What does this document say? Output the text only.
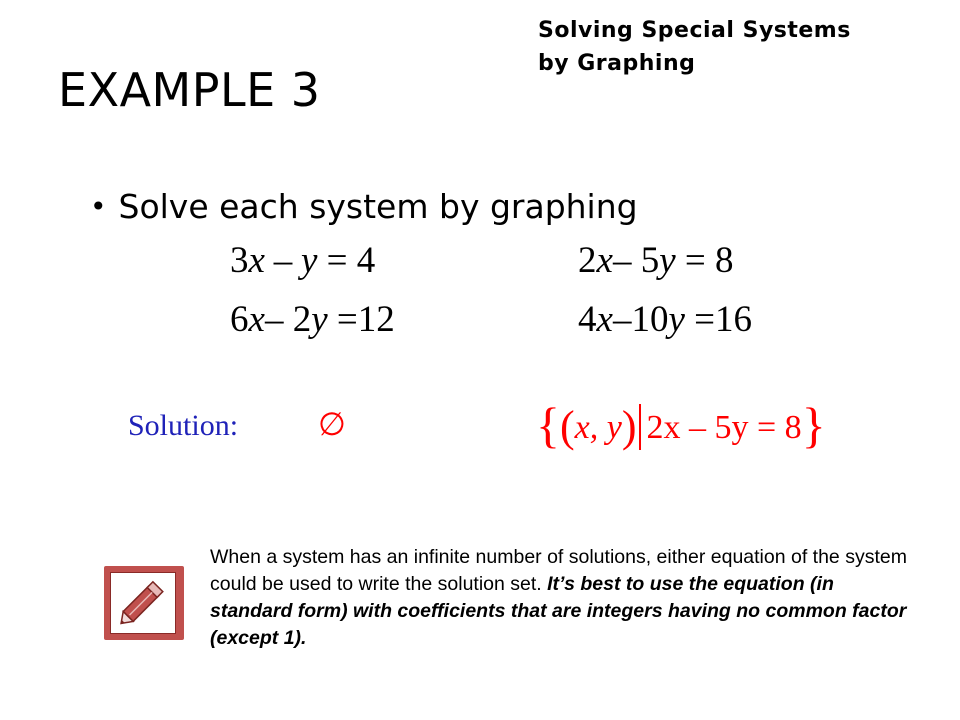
Solving Special Systems
by Graphing
EXAMPLE 3
• Solve each system by graphing
3x – y = 4
6x– 2y =12
2x– 5y = 8
4x–10y =16
Solution: ∅	{(x, y) 2x – 5y = 8}
When a system has an infinite number of solutions, either equation of the system could be used to write the solution set. It’s best to use the equation (in standard form) with coefficients that are integers having no common factor (except 1).
